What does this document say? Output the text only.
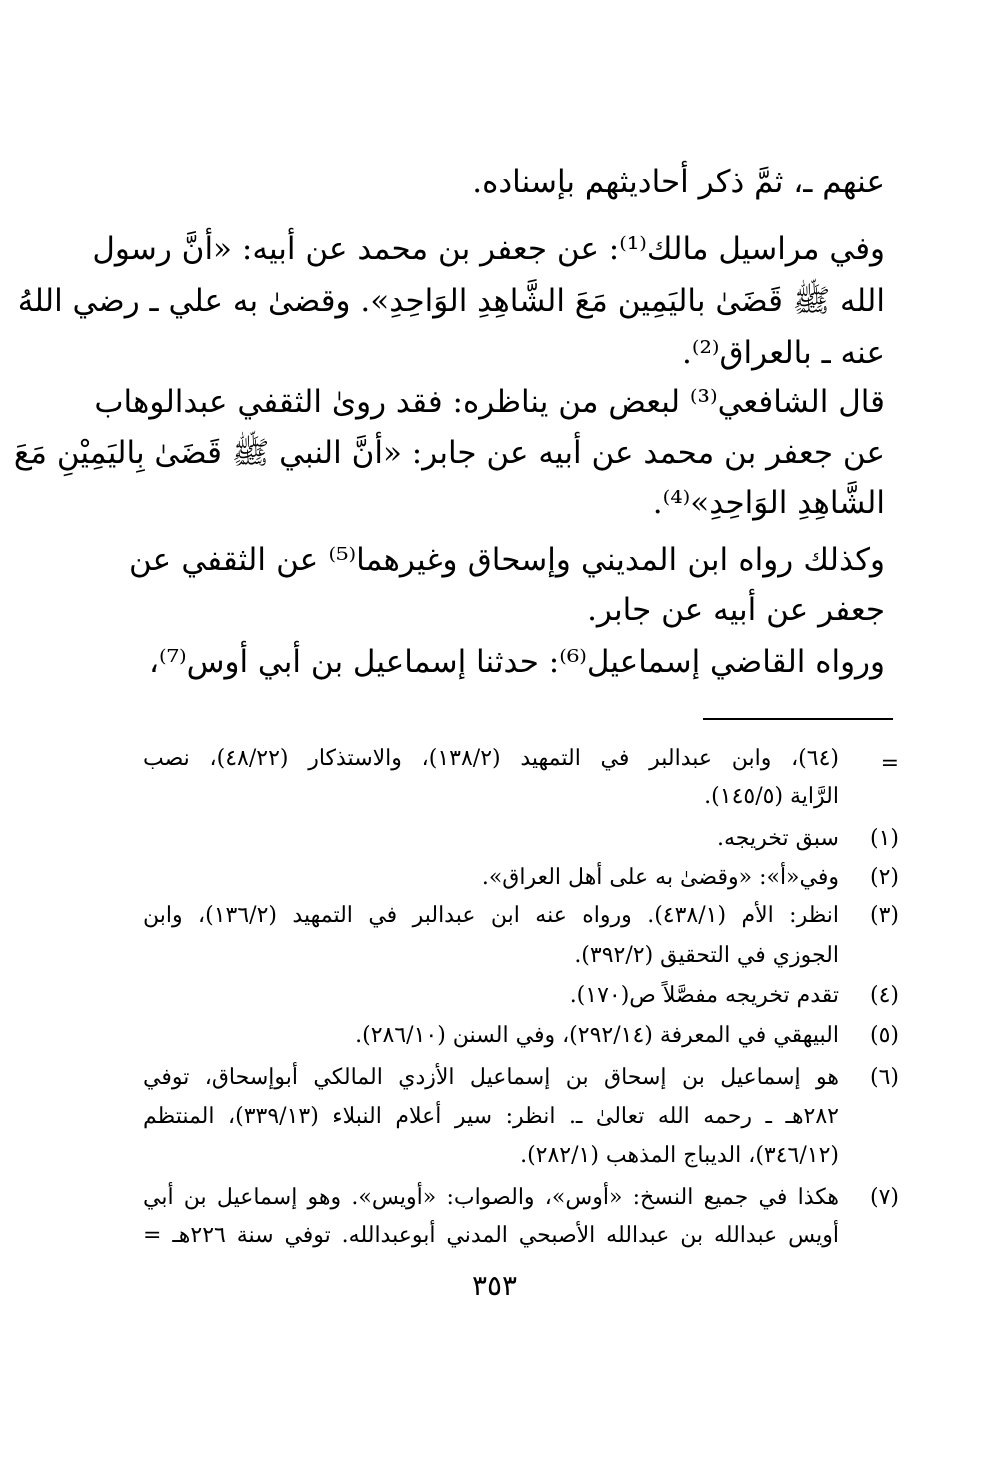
عنهم ـ، ثمَّ ذكر أحاديثهم بإسناده.
وفي مراسيل مالك⁽¹⁾: عن جعفر بن محمد عن أبيه: «أنَّ رسول
الله ﷺ قَضَىٰ باليَمِين مَعَ الشَّاهِدِ الوَاحِدِ». وقضىٰ به علي ـ رضي اللهُ
عنه ـ بالعراق⁽²⁾.
قال الشافعي⁽³⁾ لبعض من يناظره: فقد روىٰ الثقفي عبدالوهاب
عن جعفر بن محمد عن أبيه عن جابر: «أنَّ النبي ﷺ قَضَىٰ بِاليَمِيْنِ مَعَ
الشَّاهِدِ الوَاحِدِ»⁽⁴⁾.
وكذلك رواه ابن المديني وإسحاق وغيرهما⁽⁵⁾ عن الثقفي عن
جعفر عن أبيه عن جابر.
ورواه القاضي إسماعيل⁽⁶⁾: حدثنا إسماعيل بن أبي أوس⁽⁷⁾،
=
(٦٤)، وابن عبدالبر في التمهيد (١٣٨/٢)، والاستذكار (٤٨/٢٢)، نصب
الرَّاية (١٤٥/٥).
(١)
سبق تخريجه.
(٢)
وفي«أ»: «وقضىٰ به على أهل العراق».
(٣)
انظر: الأم (٤٣٨/١). ورواه عنه ابن عبدالبر في التمهيد (١٣٦/٢)، وابن
الجوزي في التحقيق (٣٩٢/٢).
(٤)
تقدم تخريجه مفصَّلاً ص(١٧٠).
(٥)
البيهقي في المعرفة (٢٩٢/١٤)، وفي السنن (٢٨٦/١٠).
(٦)
هو إسماعيل بن إسحاق بن إسماعيل الأزدي المالكي أبوإسحاق، توفي
٢٨٢هـ ـ رحمه الله تعالىٰ ـ. انظر: سير أعلام النبلاء (٣٣٩/١٣)، المنتظم
(٣٤٦/١٢)، الديباج المذهب (٢٨٢/١).
(٧)
هكذا في جميع النسخ: «أوس»، والصواب: «أويس». وهو إسماعيل بن أبي
أويس عبدالله بن عبدالله الأصبحي المدني أبوعبدالله. توفي سنة ٢٢٦هـ =
٣٥٣
